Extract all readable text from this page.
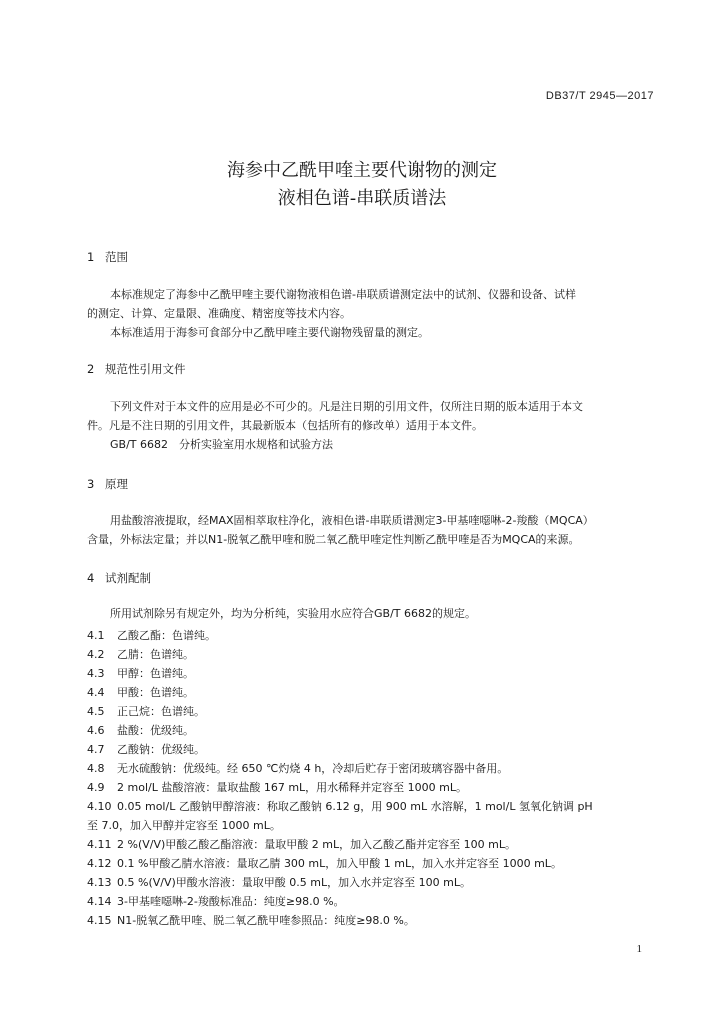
DB37/T 2945—2017
海参中乙酰甲喹主要代谢物的测定
液相色谱-串联质谱法
1 范围
本标准规定了海参中乙酰甲喹主要代谢物液相色谱-串联质谱测定法中的试剂、仪器和设备、试样
的测定、计算、定量限、准确度、精密度等技术内容。
本标准适用于海参可食部分中乙酰甲喹主要代谢物残留量的测定。
2 规范性引用文件
下列文件对于本文件的应用是必不可少的。凡是注日期的引用文件，仅所注日期的版本适用于本文
件。凡是不注日期的引用文件，其最新版本（包括所有的修改单）适用于本文件。
GB/T 6682　分析实验室用水规格和试验方法
3 原理
用盐酸溶液提取，经MAX固相萃取柱净化，液相色谱-串联质谱测定3-甲基喹噁啉-2-羧酸（MQCA）
含量，外标法定量；并以N1-脱氧乙酰甲喹和脱二氧乙酰甲喹定性判断乙酰甲喹是否为MQCA的来源。
4 试剂配制
所用试剂除另有规定外，均为分析纯，实验用水应符合GB/T 6682的规定。
4.1 乙酸乙酯：色谱纯。
4.2 乙腈：色谱纯。
4.3 甲醇：色谱纯。
4.4 甲酸：色谱纯。
4.5 正己烷：色谱纯。
4.6 盐酸：优级纯。
4.7 乙酸钠：优级纯。
4.8 无水硫酸钠：优级纯。经 650 ℃灼烧 4 h，冷却后贮存于密闭玻璃容器中备用。
4.9 2 mol/L 盐酸溶液：量取盐酸 167 mL，用水稀释并定容至 1000 mL。
4.10 0.05 mol/L 乙酸钠甲醇溶液：称取乙酸钠 6.12 g，用 900 mL 水溶解，1 mol/L 氢氧化钠调 pH
至 7.0，加入甲醇并定容至 1000 mL。
4.11 2 %(V/V)甲酸乙酸乙酯溶液：量取甲酸 2 mL，加入乙酸乙酯并定容至 100 mL。
4.12 0.1 %甲酸乙腈水溶液：量取乙腈 300 mL，加入甲酸 1 mL，加入水并定容至 1000 mL。
4.13 0.5 %(V/V)甲酸水溶液：量取甲酸 0.5 mL，加入水并定容至 100 mL。
4.14 3-甲基喹噁啉-2-羧酸标准品：纯度≥98.0 %。
4.15 N1-脱氧乙酰甲喹、脱二氧乙酰甲喹参照品：纯度≥98.0 %。
1
